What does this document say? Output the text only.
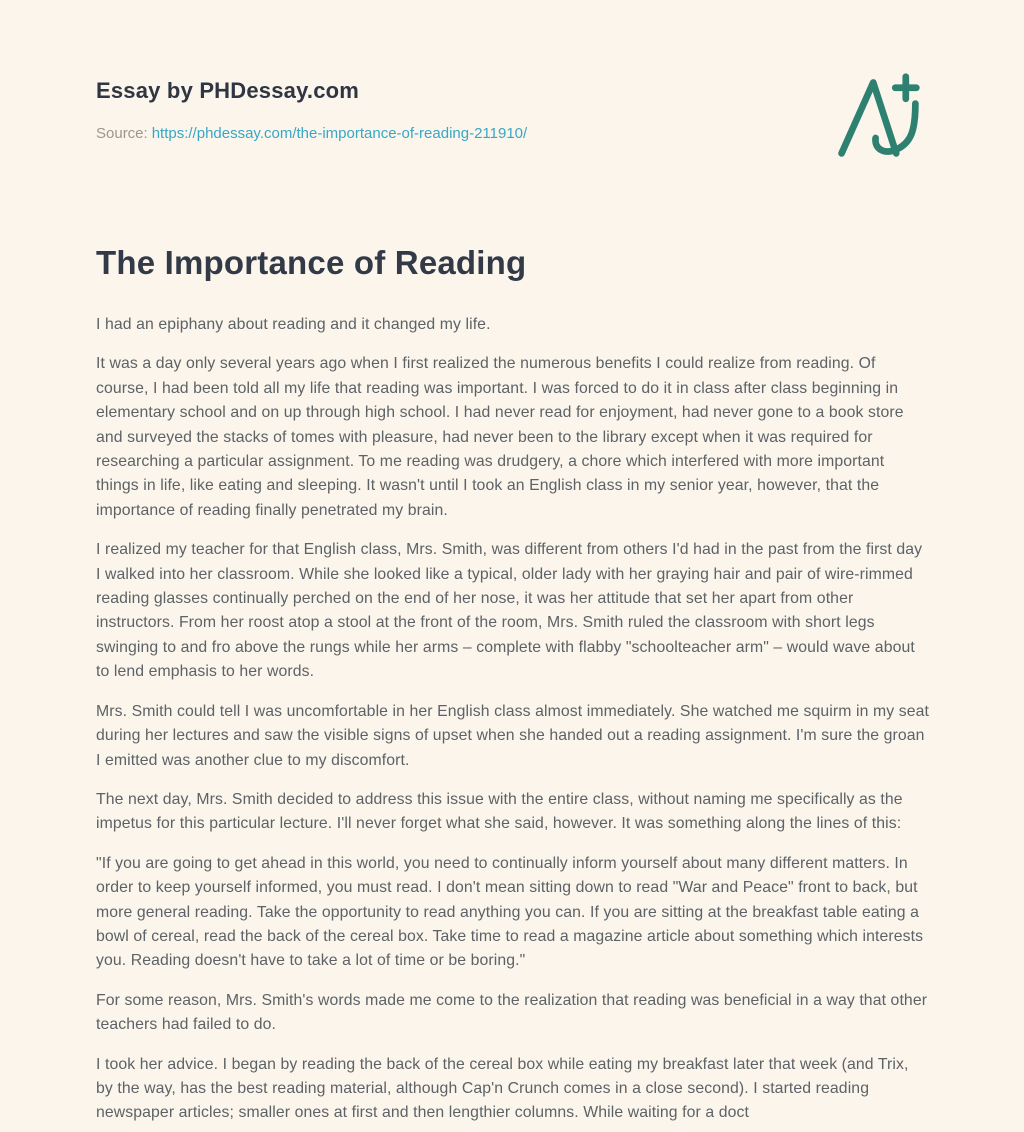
Essay by PHDessay.com
Source: https://phdessay.com/the-importance-of-reading-211910/
The Importance of Reading

I had an epiphany about reading and it changed my life.

It was a day only several years ago when I first realized the numerous benefits I could realize from reading. Of course, I had been told all my life that reading was important. I was forced to do it in class after class beginning in elementary school and on up through high school. I had never read for enjoyment, had never gone to a book store and surveyed the stacks of tomes with pleasure, had never been to the library except when it was required for researching a particular assignment. To me reading was drudgery, a chore which interfered with more important things in life, like eating and sleeping. It wasn't until I took an English class in my senior year, however, that the importance of reading finally penetrated my brain.

I realized my teacher for that English class, Mrs. Smith, was different from others I'd had in the past from the first day I walked into her classroom. While she looked like a typical, older lady with her graying hair and pair of wire-rimmed reading glasses continually perched on the end of her nose, it was her attitude that set her apart from other instructors. From her roost atop a stool at the front of the room, Mrs. Smith ruled the classroom with short legs swinging to and fro above the rungs while her arms – complete with flabby "schoolteacher arm" – would wave about to lend emphasis to her words.

Mrs. Smith could tell I was uncomfortable in her English class almost immediately. She watched me squirm in my seat during her lectures and saw the visible signs of upset when she handed out a reading assignment. I'm sure the groan I emitted was another clue to my discomfort.

The next day, Mrs. Smith decided to address this issue with the entire class, without naming me specifically as the impetus for this particular lecture. I'll never forget what she said, however. It was something along the lines of this:

"If you are going to get ahead in this world, you need to continually inform yourself about many different matters. In order to keep yourself informed, you must read. I don't mean sitting down to read "War and Peace" front to back, but more general reading. Take the opportunity to read anything you can. If you are sitting at the breakfast table eating a bowl of cereal, read the back of the cereal box. Take time to read a magazine article about something which interests you. Reading doesn't have to take a lot of time or be boring."

For some reason, Mrs. Smith's words made me come to the realization that reading was beneficial in a way that other teachers had failed to do.

I took her advice. I began by reading the back of the cereal box while eating my breakfast later that week (and Trix, by the way, has the best reading material, although Cap'n Crunch comes in a close second). I started reading newspaper articles; smaller ones at first and then lengthier columns. While waiting for a doct
